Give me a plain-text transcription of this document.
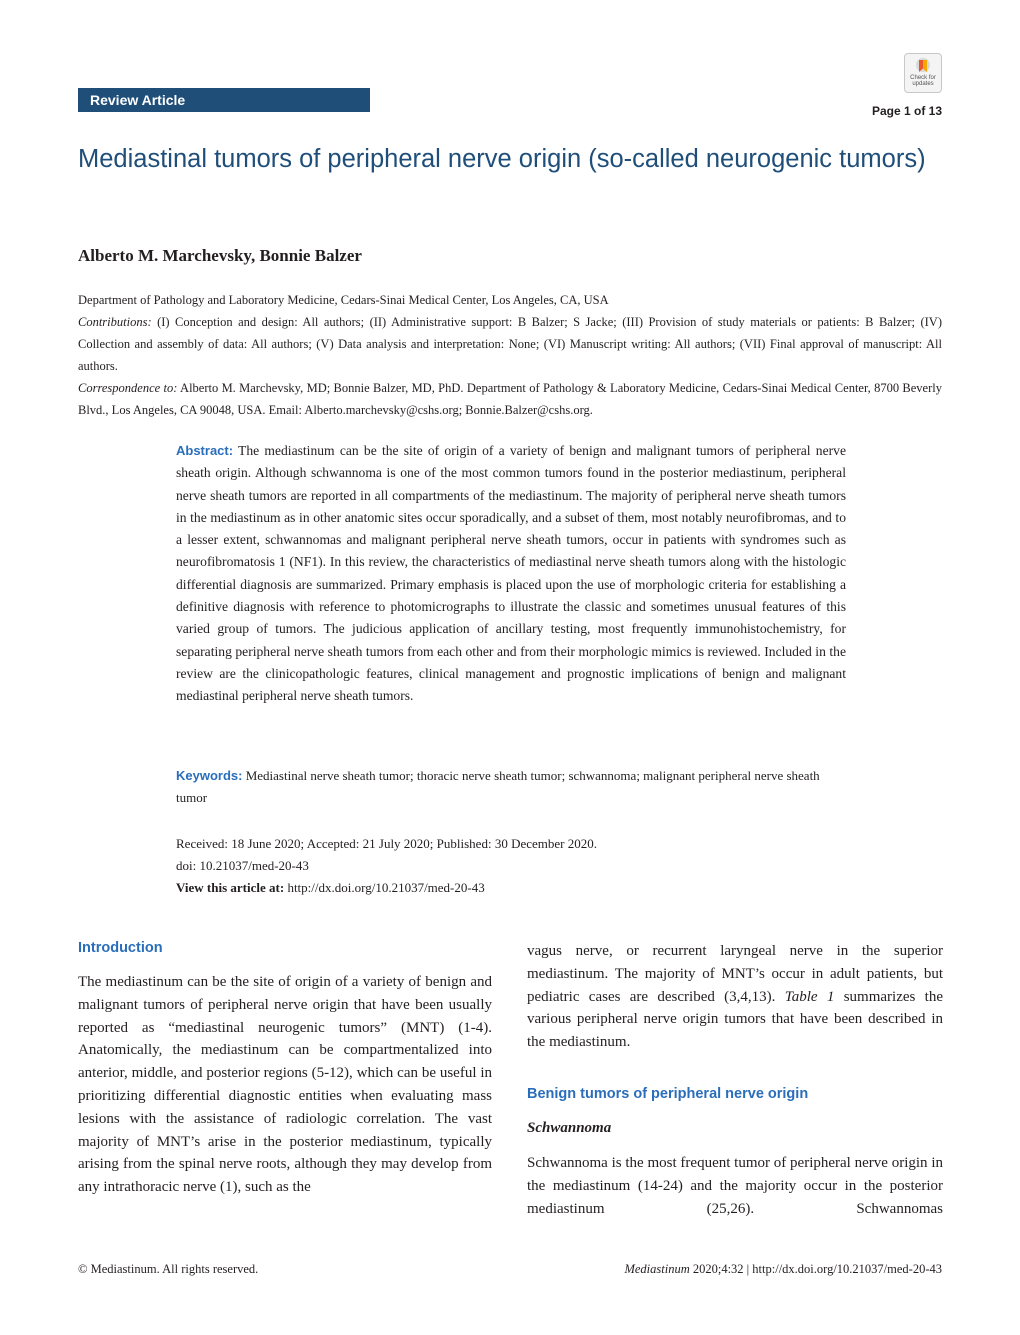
Review Article
Check for
updates
Page 1 of 13
Mediastinal tumors of peripheral nerve origin (so-called neurogenic tumors)
Alberto M. Marchevsky, Bonnie Balzer

Department of Pathology and Laboratory Medicine, Cedars-Sinai Medical Center, Los Angeles, CA, USA

Contributions: (I) Conception and design: All authors; (II) Administrative support: B Balzer; S Jacke; (III) Provision of study materials or patients: B Balzer; (IV) Collection and assembly of data: All authors; (V) Data analysis and interpretation: None; (VI) Manuscript writing: All authors; (VII) Final approval of manuscript: All authors.

Correspondence to: Alberto M. Marchevsky, MD; Bonnie Balzer, MD, PhD. Department of Pathology & Laboratory Medicine, Cedars-Sinai Medical Center, 8700 Beverly Blvd., Los Angeles, CA 90048, USA. Email: Alberto.marchevsky@cshs.org; Bonnie.Balzer@cshs.org.

Abstract: The mediastinum can be the site of origin of a variety of benign and malignant tumors of peripheral nerve sheath origin. Although schwannoma is one of the most common tumors found in the posterior mediastinum, peripheral nerve sheath tumors are reported in all compartments of the mediastinum. The majority of peripheral nerve sheath tumors in the mediastinum as in other anatomic sites occur sporadically, and a subset of them, most notably neurofibromas, and to a lesser extent, schwannomas and malignant peripheral nerve sheath tumors, occur in patients with syndromes such as neurofibromatosis 1 (NF1). In this review, the characteristics of mediastinal nerve sheath tumors along with the histologic differential diagnosis are summarized. Primary emphasis is placed upon the use of morphologic criteria for establishing a definitive diagnosis with reference to photomicrographs to illustrate the classic and sometimes unusual features of this varied group of tumors. The judicious application of ancillary testing, most frequently immunohistochemistry, for separating peripheral nerve sheath tumors from each other and from their morphologic mimics is reviewed. Included in the review are the clinicopathologic features, clinical management and prognostic implications of benign and malignant mediastinal peripheral nerve sheath tumors.

Keywords: Mediastinal nerve sheath tumor; thoracic nerve sheath tumor; schwannoma; malignant peripheral nerve sheath tumor

Received: 18 June 2020; Accepted: 21 July 2020; Published: 30 December 2020.

doi: 10.21037/med-20-43

View this article at: http://dx.doi.org/10.21037/med-20-43

Introduction
The mediastinum can be the site of origin of a variety of benign and malignant tumors of peripheral nerve origin that have been usually reported as “mediastinal neurogenic tumors” (MNT) (1-4). Anatomically, the mediastinum can be compartmentalized into anterior, middle, and posterior regions (5-12), which can be useful in prioritizing differential diagnostic entities when evaluating mass lesions with the assistance of radiologic correlation. The vast majority of MNT’s arise in the posterior mediastinum, typically arising from the spinal nerve roots, although they may develop from any intrathoracic nerve (1), such as the
vagus nerve, or recurrent laryngeal nerve in the superior mediastinum. The majority of MNT’s occur in adult patients, but pediatric cases are described (3,4,13). Table 1 summarizes the various peripheral nerve origin tumors that have been described in the mediastinum.
Benign tumors of peripheral nerve origin
Schwannoma
Schwannoma is the most frequent tumor of peripheral nerve origin in the mediastinum (14-24) and the majority occur in the posterior mediastinum (25,26). Schwannomas
© Mediastinum. All rights reserved.	Mediastinum 2020;4:32 | http://dx.doi.org/10.21037/med-20-43
